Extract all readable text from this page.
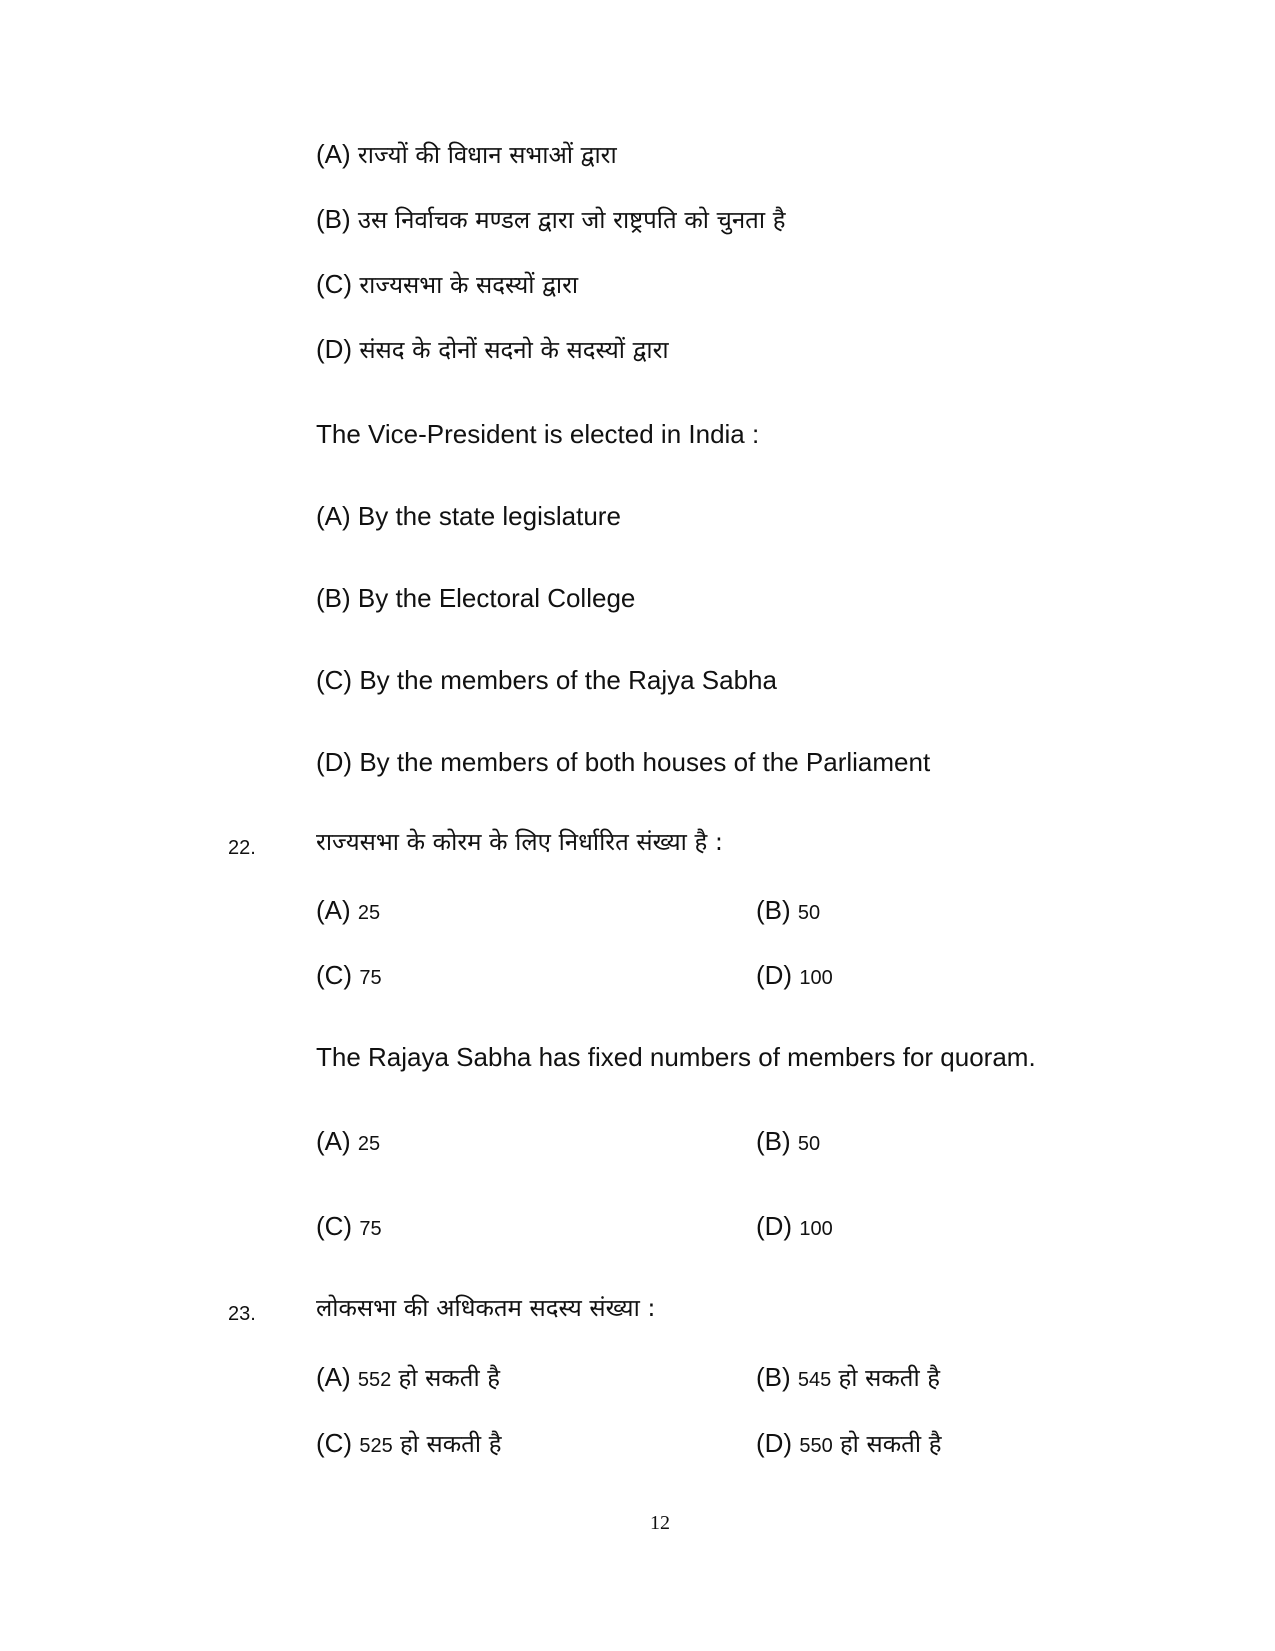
(A) राज्यों की विधान सभाओं द्वारा
(B) उस निर्वाचक मण्डल द्वारा जो राष्ट्रपति को चुनता है
(C) राज्यसभा के सदस्यों द्वारा
(D) संसद के दोनों सदनो के सदस्यों द्वारा
The Vice-President is elected in India :
(A) By the state legislature
(B) By the Electoral College
(C) By the members of the Rajya Sabha
(D) By the members of both houses of the Parliament
22.	राज्यसभा के कोरम के लिए निर्धारित संख्या है :
(A) 25	(B) 50
(C) 75	(D) 100
The Rajaya Sabha has fixed numbers of members for quoram.
(A) 25	(B) 50
(C) 75	(D) 100
23.	लोकसभा की अधिकतम सदस्य संख्या :
(A) 552 हो सकती है	(B) 545 हो सकती है
(C) 525 हो सकती है	(D) 550 हो सकती है
12
